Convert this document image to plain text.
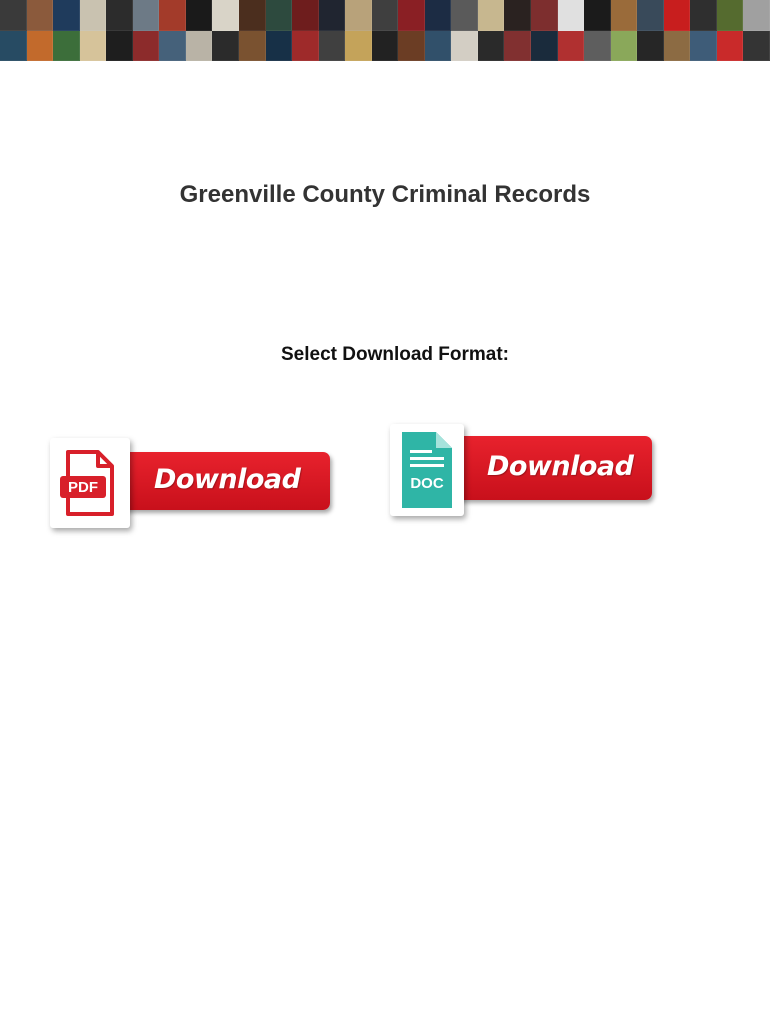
Greenville County Criminal Records
Select Download Format:
Download
PDF
Download
DOC
